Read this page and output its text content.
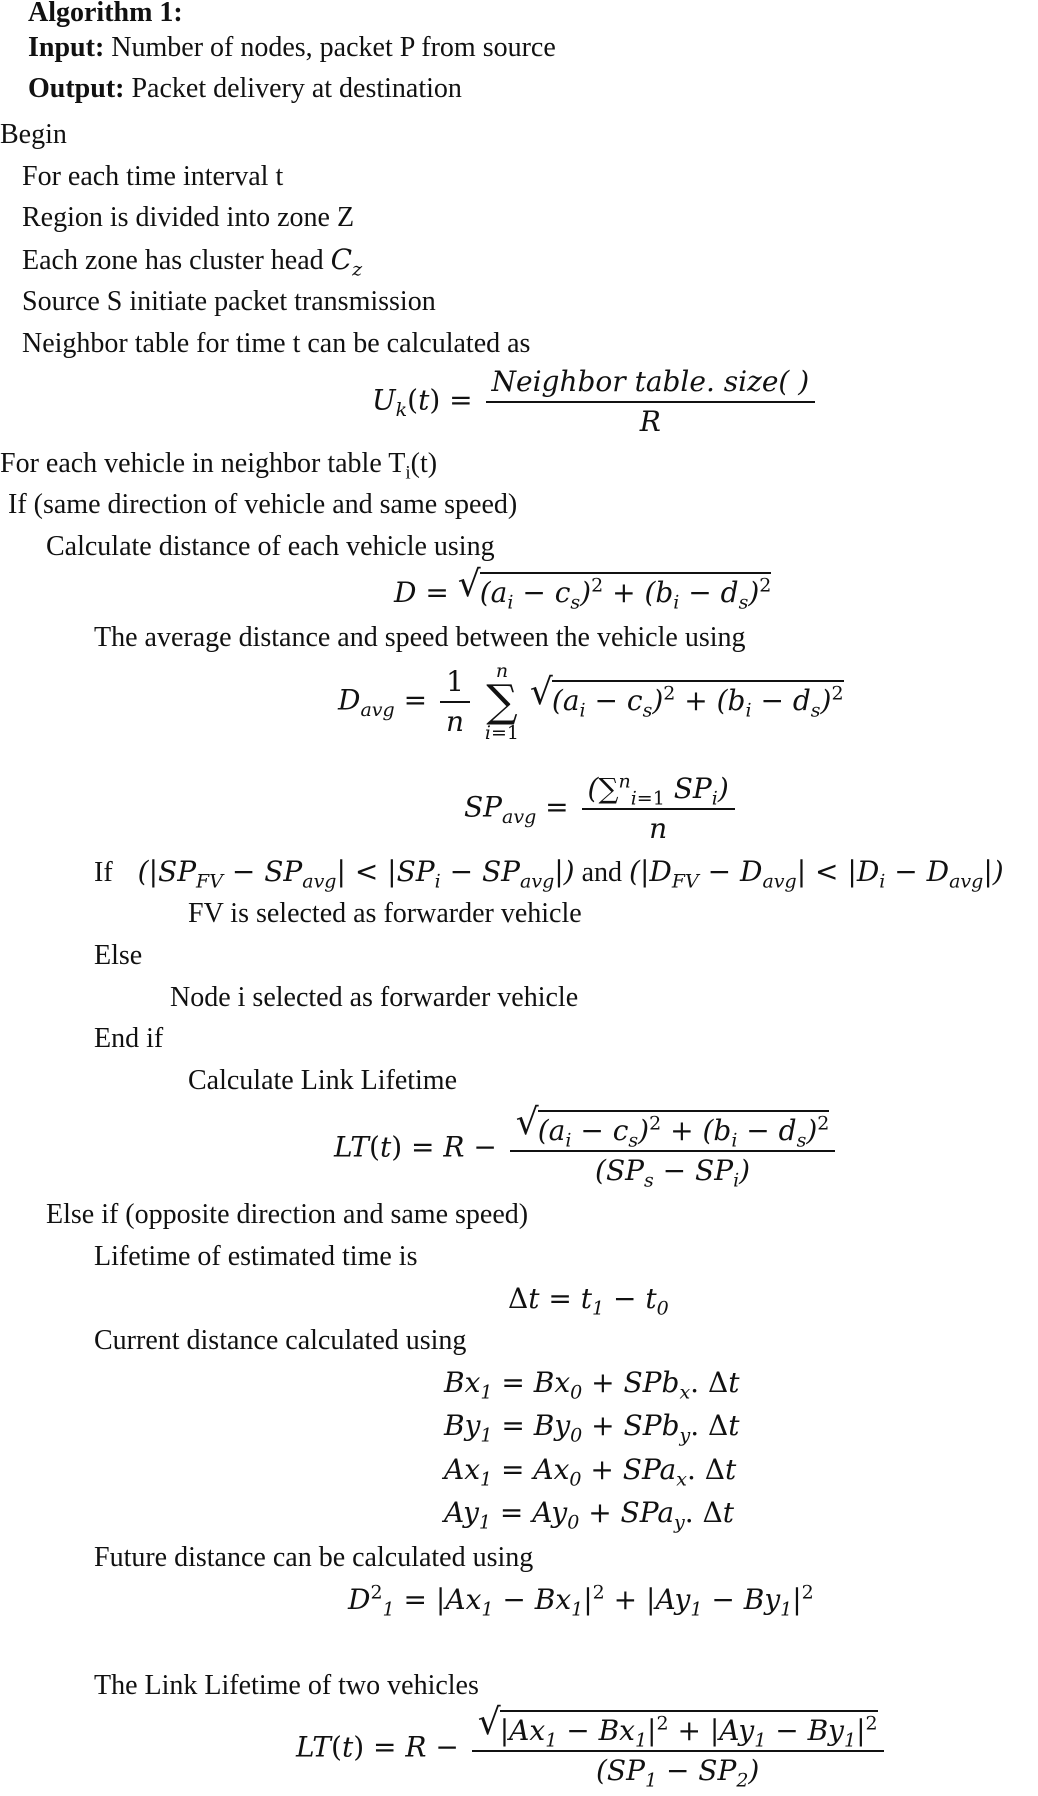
Algorithm 1:
Input: Number of nodes, packet P from source
Output: Packet delivery at destination
Begin
For each time interval t
Region is divided into zone Z
Each zone has cluster head $C_z$
Source S initiate packet transmission
Neighbor table for time t can be calculated as
$U_k(t) = \frac{\text{Neighbor table. size( )}}{R}$
For each vehicle in neighbor table $T_i(t)$
If (same direction of vehicle and same speed)
Calculate distance of each vehicle using
D = √ $(a_i - c_s)^2 + (b_i - d_s)^2$
The average distance and speed between the vehicle using
$D_{avg} = \frac{1}{n}$
	n
∑
i=1
√ $(a_i - c_s)^2 + (b_i - d_s)^2$
$SP_{avg} = \frac{(\sum^n_{i=1} SP_i)}{n}$
If $(|SP_{FV} - SP_{avg}| < |SP_i - SP_{avg}|)$ and $(|D_{FV} - D_{avg}| < |D_i - D_{avg}|)$
FV is selected as forwarder vehicle
Else
Node i selected as forwarder vehicle
End if
Calculate Link Lifetime
LT(t) = R − √ $\frac{(a_i - c_s)^2 + (b_i - d_s)^2}{(SP_s - SP_i)}$
Else if (opposite direction and same speed)
Lifetime of estimated time is
$\Delta t = t_1 - t_0$
Current distance calculated using
$Bx_1 = Bx_0 + SPb_x$. Δt
$By_1 = By_0 + SPb_y$. Δt
$Ax_1 = Ax_0 + SPa_x$. Δt
$Ay_1 = Ay_0 + SPa_y$. Δt
Future distance can be calculated using
$D^2_1 = |Ax_1 - Bx_1|^2 + |Ay_1 - By_1|^2$
The Link Lifetime of two vehicles
LT(t) = R − √ $\frac{|Ax_1 - Bx_1|^2 + |Ay_1 - By_1|^2}{(SP_1 - SP_2)}$
